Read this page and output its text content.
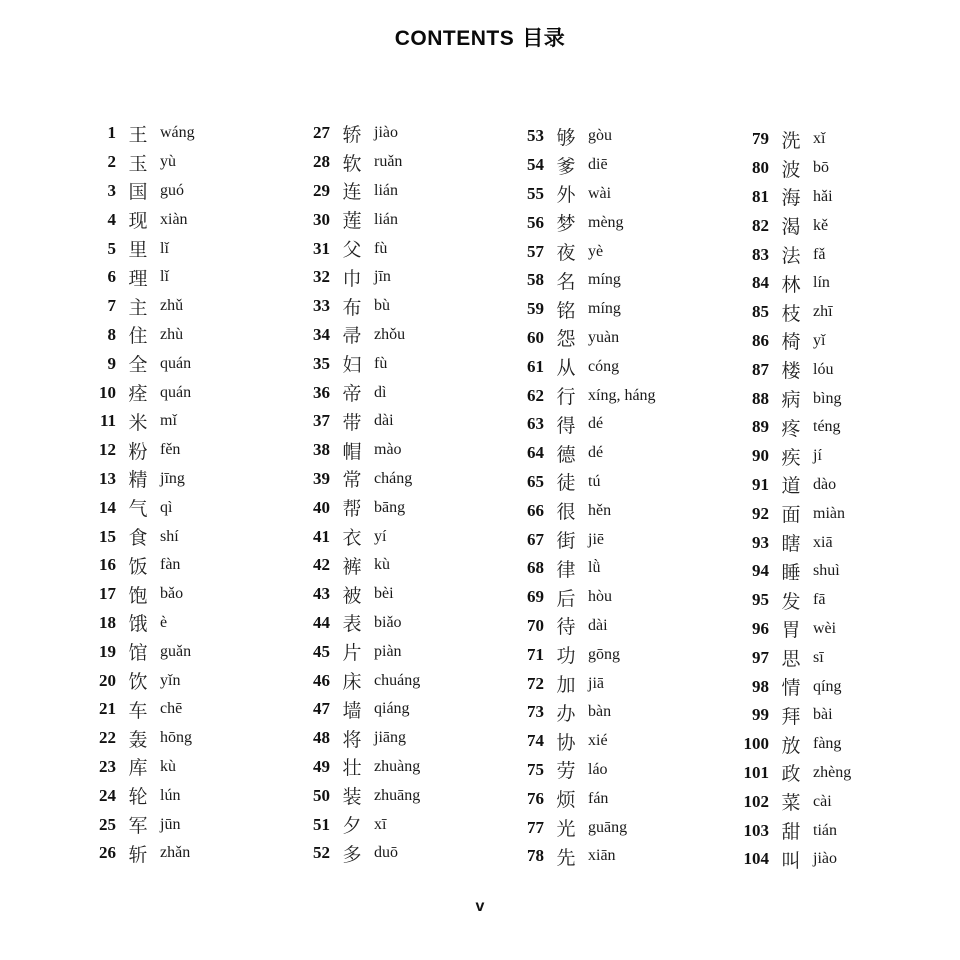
CONTENTS 目录
1 王 wáng
2 玉 yù
3 国 guó
4 现 xiàn
5 里 lǐ
6 理 lǐ
7 主 zhǔ
8 住 zhù
9 全 quán
10 痊 quán
11 米 mǐ
12 粉 fěn
13 精 jīng
14 气 qì
15 食 shí
16 饭 fàn
17 饱 bǎo
18 饿 è
19 馆 guǎn
20 饮 yǐn
21 车 chē
22 轰 hōng
23 库 kù
24 轮 lún
25 军 jūn
26 斩 zhǎn
27 轿 jiào
28 软 ruǎn
29 连 lián
30 莲 lián
31 父 fù
32 巾 jīn
33 布 bù
34 帚 zhǒu
35 妇 fù
36 帝 dì
37 带 dài
38 帽 mào
39 常 cháng
40 帮 bāng
41 衣 yí
42 裤 kù
43 被 bèi
44 表 biǎo
45 片 piàn
46 床 chuáng
47 墙 qiáng
48 将 jiāng
49 壮 zhuàng
50 装 zhuāng
51 夕 xī
52 多 duō
53 够 gòu
54 爹 diē
55 外 wài
56 梦 mèng
57 夜 yè
58 名 míng
59 铭 míng
60 怨 yuàn
61 从 cóng
62 行 xíng, háng
63 得 dé
64 德 dé
65 徒 tú
66 很 hěn
67 街 jiē
68 律 lǜ
69 后 hòu
70 待 dài
71 功 gōng
72 加 jiā
73 办 bàn
74 协 xié
75 劳 láo
76 烦 fán
77 光 guāng
78 先 xiān
79 洗 xǐ
80 波 bō
81 海 hǎi
82 渴 kě
83 法 fǎ
84 林 lín
85 枝 zhī
86 椅 yǐ
87 楼 lóu
88 病 bìng
89 疼 téng
90 疾 jí
91 道 dào
92 面 miàn
93 瞎 xiā
94 睡 shuì
95 发 fā
96 胃 wèi
97 思 sī
98 情 qíng
99 拜 bài
100 放 fàng
101 政 zhèng
102 菜 cài
103 甜 tián
104 叫 jiào
v
